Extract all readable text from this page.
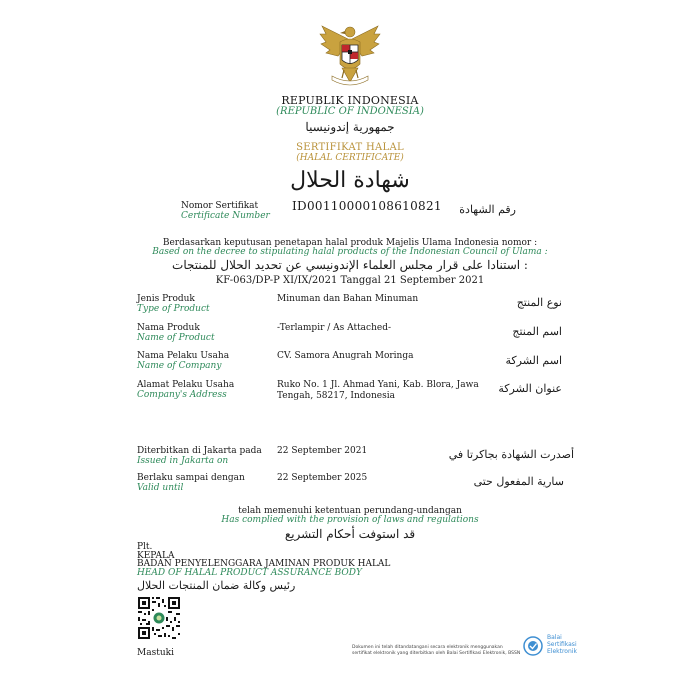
REPUBLIK INDONESIA
(REPUBLIC OF INDONESIA)
جمهورية إندونيسيا
SERTIFIKAT HALAL
(HALAL CERTIFICATE)
شهادة الحلال
Nomor Sertifikat
Certificate Number
ID00110000108610821 رقم الشهادة
Berdasarkan keputusan penetapan halal produk Majelis Ulama Indonesia nomor :
Based on the decree to stipulating halal products of the Indonesian Council of Ulama :
استنادا على قرار مجلس العلماء الإندونيسي عن تحديد الحلال للمنتجات :
KF-063/DP-P XI/IX/2021 Tanggal 21 September 2021
Jenis Produk
Type of Product
Minuman dan Bahan Minuman	نوع المنتج
Nama Produk
Name of Product
-Terlampir / As Attached-	اسم المنتج
Nama Pelaku Usaha
Name of Company
CV. Samora Anugrah Moringa	اسم الشركة
Alamat Pelaku Usaha
Company's Address
Ruko No. 1 Jl. Ahmad Yani, Kab. Blora, Jawa
Tengah, 58217, Indonesia
عنوان الشركة
Diterbitkan di Jakarta pada
Issued in Jakarta on
22 September 2021	أصدرت الشهادة بجاكرتا في
Berlaku sampai dengan
Valid until
22 September 2025	سارية المفعول حتى
telah memenuhi ketentuan perundang-undangan
Has complied with the provision of laws and regulations
قد استوفت أحكام التشريع
Plt.
KEPALA
BADAN PENYELENGGARA JAMINAN PRODUK HALAL
HEAD OF HALAL PRODUCT ASSURANCE BODY
رئيس وكالة ضمان المنتجات الحلال
Mastuki
Dokumen ini telah ditandatangani secara elektronik menggunakan sertifikat elektronik yang diterbitkan oleh Balai Sertifikasi Elektronik, BSSN
Balai
Sertifikasi
Elektronik
